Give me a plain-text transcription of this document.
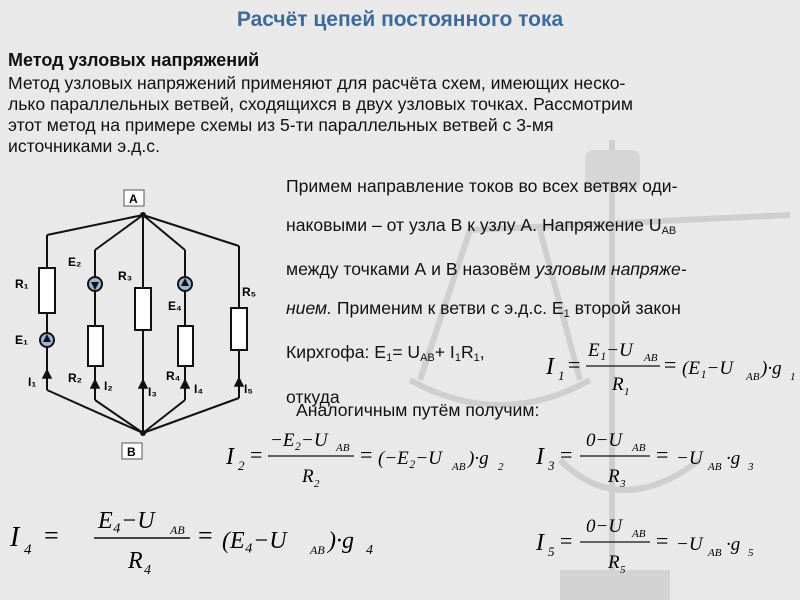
Расчёт цепей постоянного тока
Метод узловых напряжений
Метод узловых напряжений применяют для расчёта схем, имеющих неско-
лько параллельных ветвей, сходящихся в двух узловых точках. Рассмотрим
этот метод на примере схемы из 5-ти параллельных ветвей с 3-мя
источниками э.д.с.
Примем направление токов во всех ветвях оди-
наковыми – от узла В к узлу А. Напряжение $U_{AB}$
между точками А и В назовём узловым напряже-
нием. Применим к ветви с э.д.с. $E_1$ второй закон
Кирхгофа: $E_1= U_{AB}+ I_1R_1$,
откуда
Аналогичным путём получим:
A
B
R₁
E₁
I₁
E₂
R₂
I₂
R₃
I₃
E₄
R₄
I₄
R₅
I₅
I 1 =
E₁−U AB
R 1
= (E₁−U AB )·g 1
I 2 =
−E₂−U AB
R 2
= (−E₂−U AB )·g 2 I 3 =
0−U AB
R 3
= −U AB ·g 3
I 4 = E₄−U AB
R 4
= (E₄−U AB )·g 4	I 5 =
0−U AB
R 5
= −U AB ·g 5
